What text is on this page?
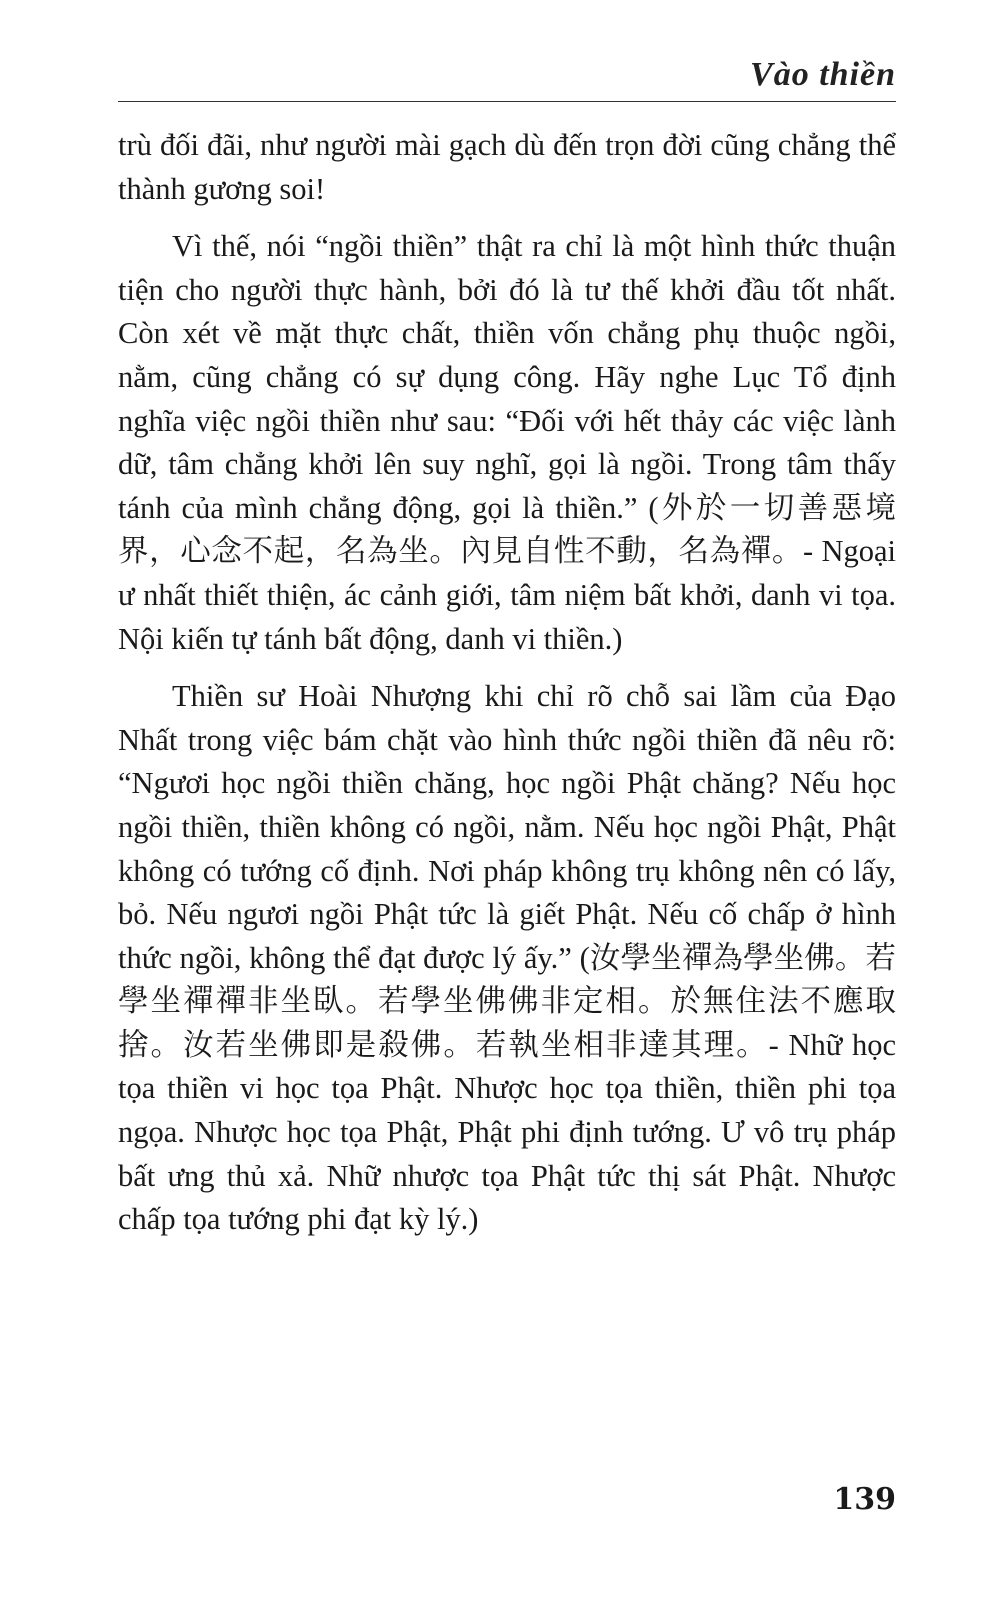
Vào thiền

trù đối đãi, như người mài gạch dù đến trọn đời cũng chẳng thể thành gương soi!

Vì thế, nói “ngồi thiền” thật ra chỉ là một hình thức thuận tiện cho người thực hành, bởi đó là tư thế khởi đầu tốt nhất. Còn xét về mặt thực chất, thiền vốn chẳng phụ thuộc ngồi, nằm, cũng chẳng có sự dụng công. Hãy nghe Lục Tổ định nghĩa việc ngồi thiền như sau: “Đối với hết thảy các việc lành dữ, tâm chẳng khởi lên suy nghĩ, gọi là ngồi. Trong tâm thấy tánh của mình chẳng động, gọi là thiền.” (外於一切善惡境界，心念不起，名為坐。內見自性不動，名為禪。- Ngoại ư nhất thiết thiện, ác cảnh giới, tâm niệm bất khởi, danh vi tọa. Nội kiến tự tánh bất động, danh vi thiền.)

Thiền sư Hoài Nhượng khi chỉ rõ chỗ sai lầm của Đạo Nhất trong việc bám chặt vào hình thức ngồi thiền đã nêu rõ: “Ngươi học ngồi thiền chăng, học ngồi Phật chăng? Nếu học ngồi thiền, thiền không có ngồi, nằm. Nếu học ngồi Phật, Phật không có tướng cố định. Nơi pháp không trụ không nên có lấy, bỏ. Nếu ngươi ngồi Phật tức là giết Phật. Nếu cố chấp ở hình thức ngồi, không thể đạt được lý ấy.” (汝學坐禪為學坐佛。若學坐禪禪非坐臥。若學坐佛佛非定相。於無住法不應取捨。汝若坐佛即是殺佛。若執坐相非達其理。- Nhữ học tọa thiền vi học tọa Phật. Nhược học tọa thiền, thiền phi tọa ngọa. Nhược học tọa Phật, Phật phi định tướng. Ư vô trụ pháp bất ưng thủ xả. Nhữ nhược tọa Phật tức thị sát Phật. Nhược chấp tọa tướng phi đạt kỳ lý.)

139
